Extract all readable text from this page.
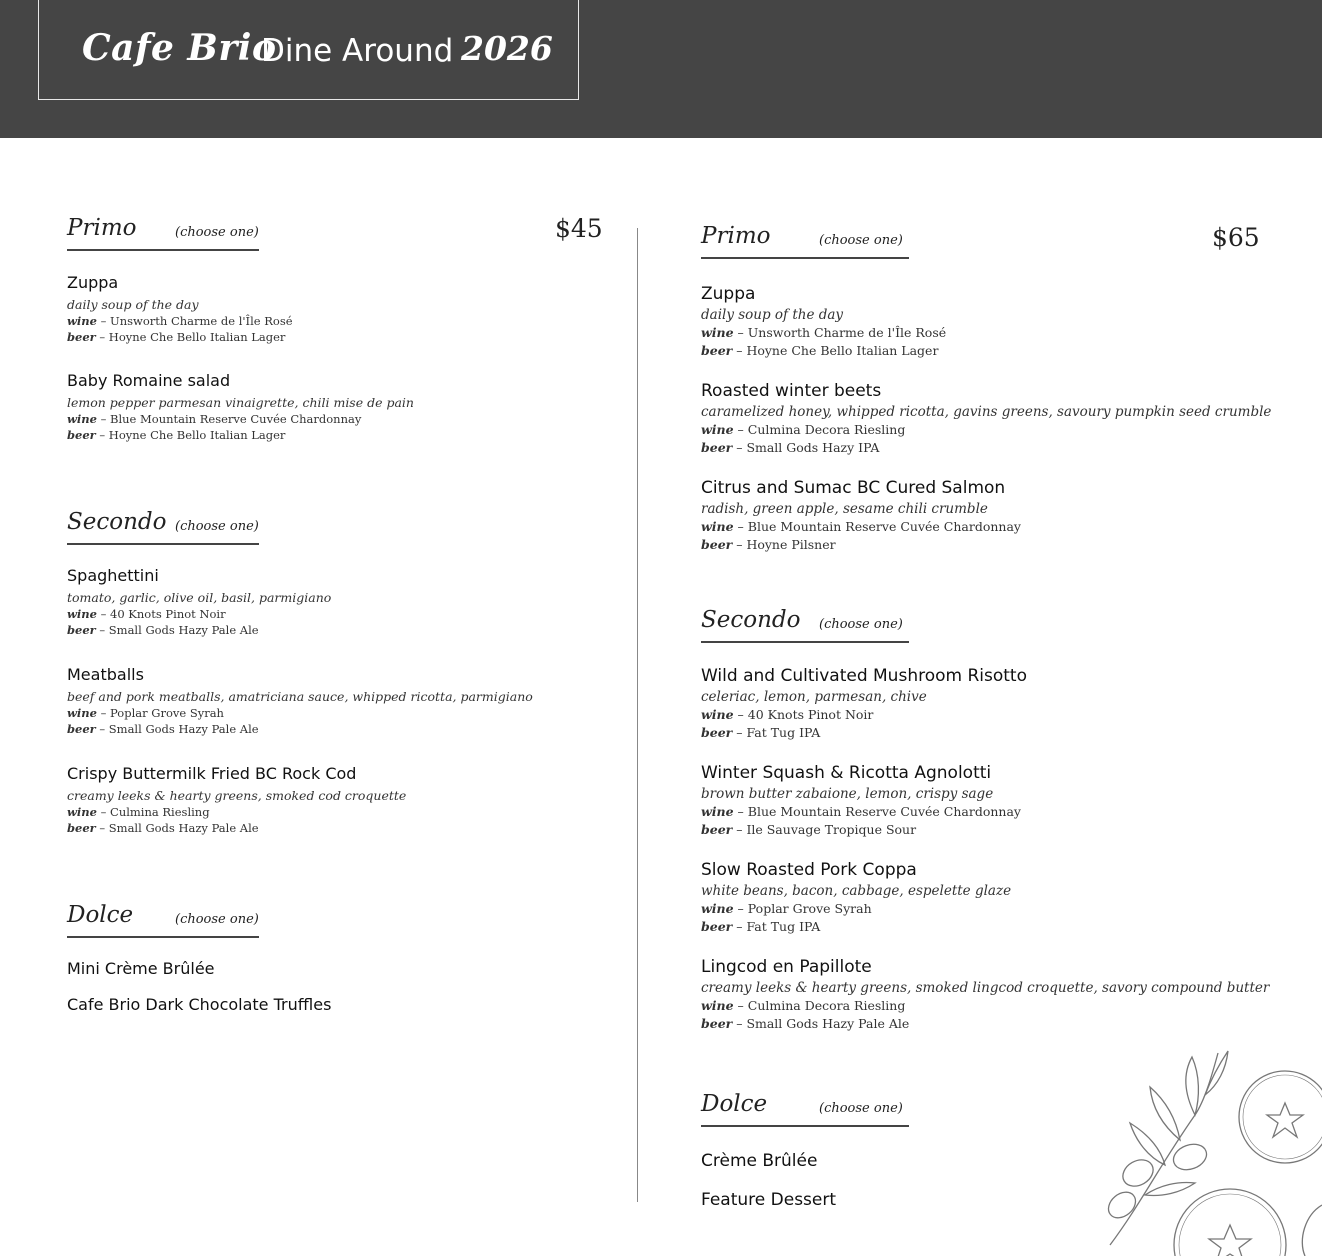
Cafe Brio
Dine Around 2026
$45	$65
Primo	(choose one)
Zuppa
daily soup of the day
wine – Unsworth Charme de l'Île Rosé
beer – Hoyne Che Bello Italian Lager
Baby Romaine salad
lemon pepper parmesan vinaigrette, chili mise de pain
wine – Blue Mountain Reserve Cuvée Chardonnay
beer – Hoyne Che Bello Italian Lager
Secondo (choose one)
Spaghettini
tomato, garlic, olive oil, basil, parmigiano
wine – 40 Knots Pinot Noir
beer – Small Gods Hazy Pale Ale
Meatballs
beef and pork meatballs, amatriciana sauce, whipped ricotta, parmigiano
wine – Poplar Grove Syrah
beer – Small Gods Hazy Pale Ale
Crispy Buttermilk Fried BC Rock Cod
creamy leeks & hearty greens, smoked cod croquette
wine – Culmina Riesling
beer – Small Gods Hazy Pale Ale
Dolce	(choose one)
Mini Crème Brûlée
Cafe Brio Dark Chocolate Truffles
Primo	(choose one)
Zuppa
daily soup of the day
wine – Unsworth Charme de l'Île Rosé
beer – Hoyne Che Bello Italian Lager
Roasted winter beets
caramelized honey, whipped ricotta, gavins greens, savoury pumpkin seed crumble
wine – Culmina Decora Riesling
beer – Small Gods Hazy IPA
Citrus and Sumac BC Cured Salmon
radish, green apple, sesame chili crumble
wine – Blue Mountain Reserve Cuvée Chardonnay
beer – Hoyne Pilsner
Secondo (choose one)
Wild and Cultivated Mushroom Risotto
celeriac, lemon, parmesan, chive
wine – 40 Knots Pinot Noir
beer – Fat Tug IPA
Winter Squash & Ricotta Agnolotti
brown butter zabaione, lemon, crispy sage
wine – Blue Mountain Reserve Cuvée Chardonnay
beer – Ile Sauvage Tropique Sour
Slow Roasted Pork Coppa
white beans, bacon, cabbage, espelette glaze
wine – Poplar Grove Syrah
beer – Fat Tug IPA
Lingcod en Papillote
creamy leeks & hearty greens, smoked lingcod croquette, savory compound butter
wine – Culmina Decora Riesling
beer – Small Gods Hazy Pale Ale
Dolce	(choose one)
Crème Brûlée
Feature Dessert
